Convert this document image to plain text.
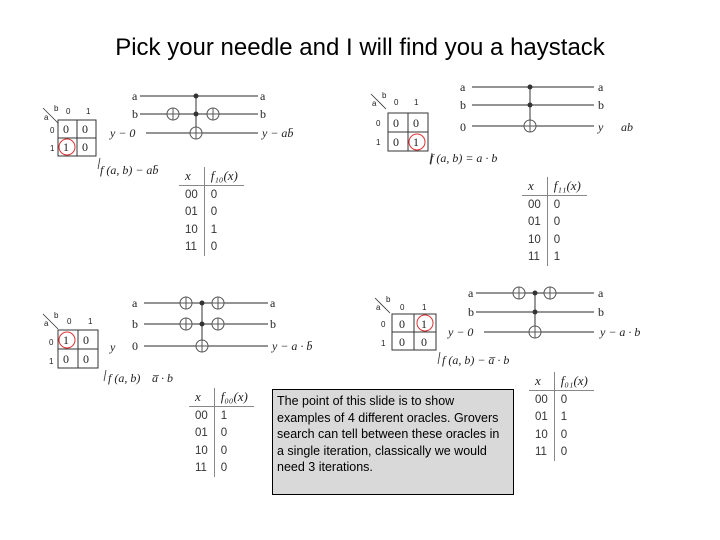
Pick your needle and I will find you a haystack
a
b 0 1
0
1
0 0
1 0
f (a, b) − ab̄
a
b
y − 0
a
b
y − ab̄
x	f₁₀(x)
00	0
01	0
10	1
11	0
a
b
0 1
0
1
0 0
0 1
f (a, b) = a · b
a
b
0
a
b
y ab
x	f₁₁(x)
00	0
01	0
10	0
11	1
a
b
0 1
0
1
1 0
0 0
y
f (a, b) a̅ · b
a
b
0
a
b
y − a · b̄
x	f₀₀(x)
00	1
01	0
10	0
11	0
a
b
0 1
0
1
0 1
0 0
f (a, b) − a̅ · b
a
b
y − 0
a
b
y − a · b
x	f₀₁(x)
00	0
01	1
10	0
11	0
The point of this slide is to show examples of 4 different oracles. Grovers search can tell between these oracles in a single iteration, classically we would need 3 iterations.
